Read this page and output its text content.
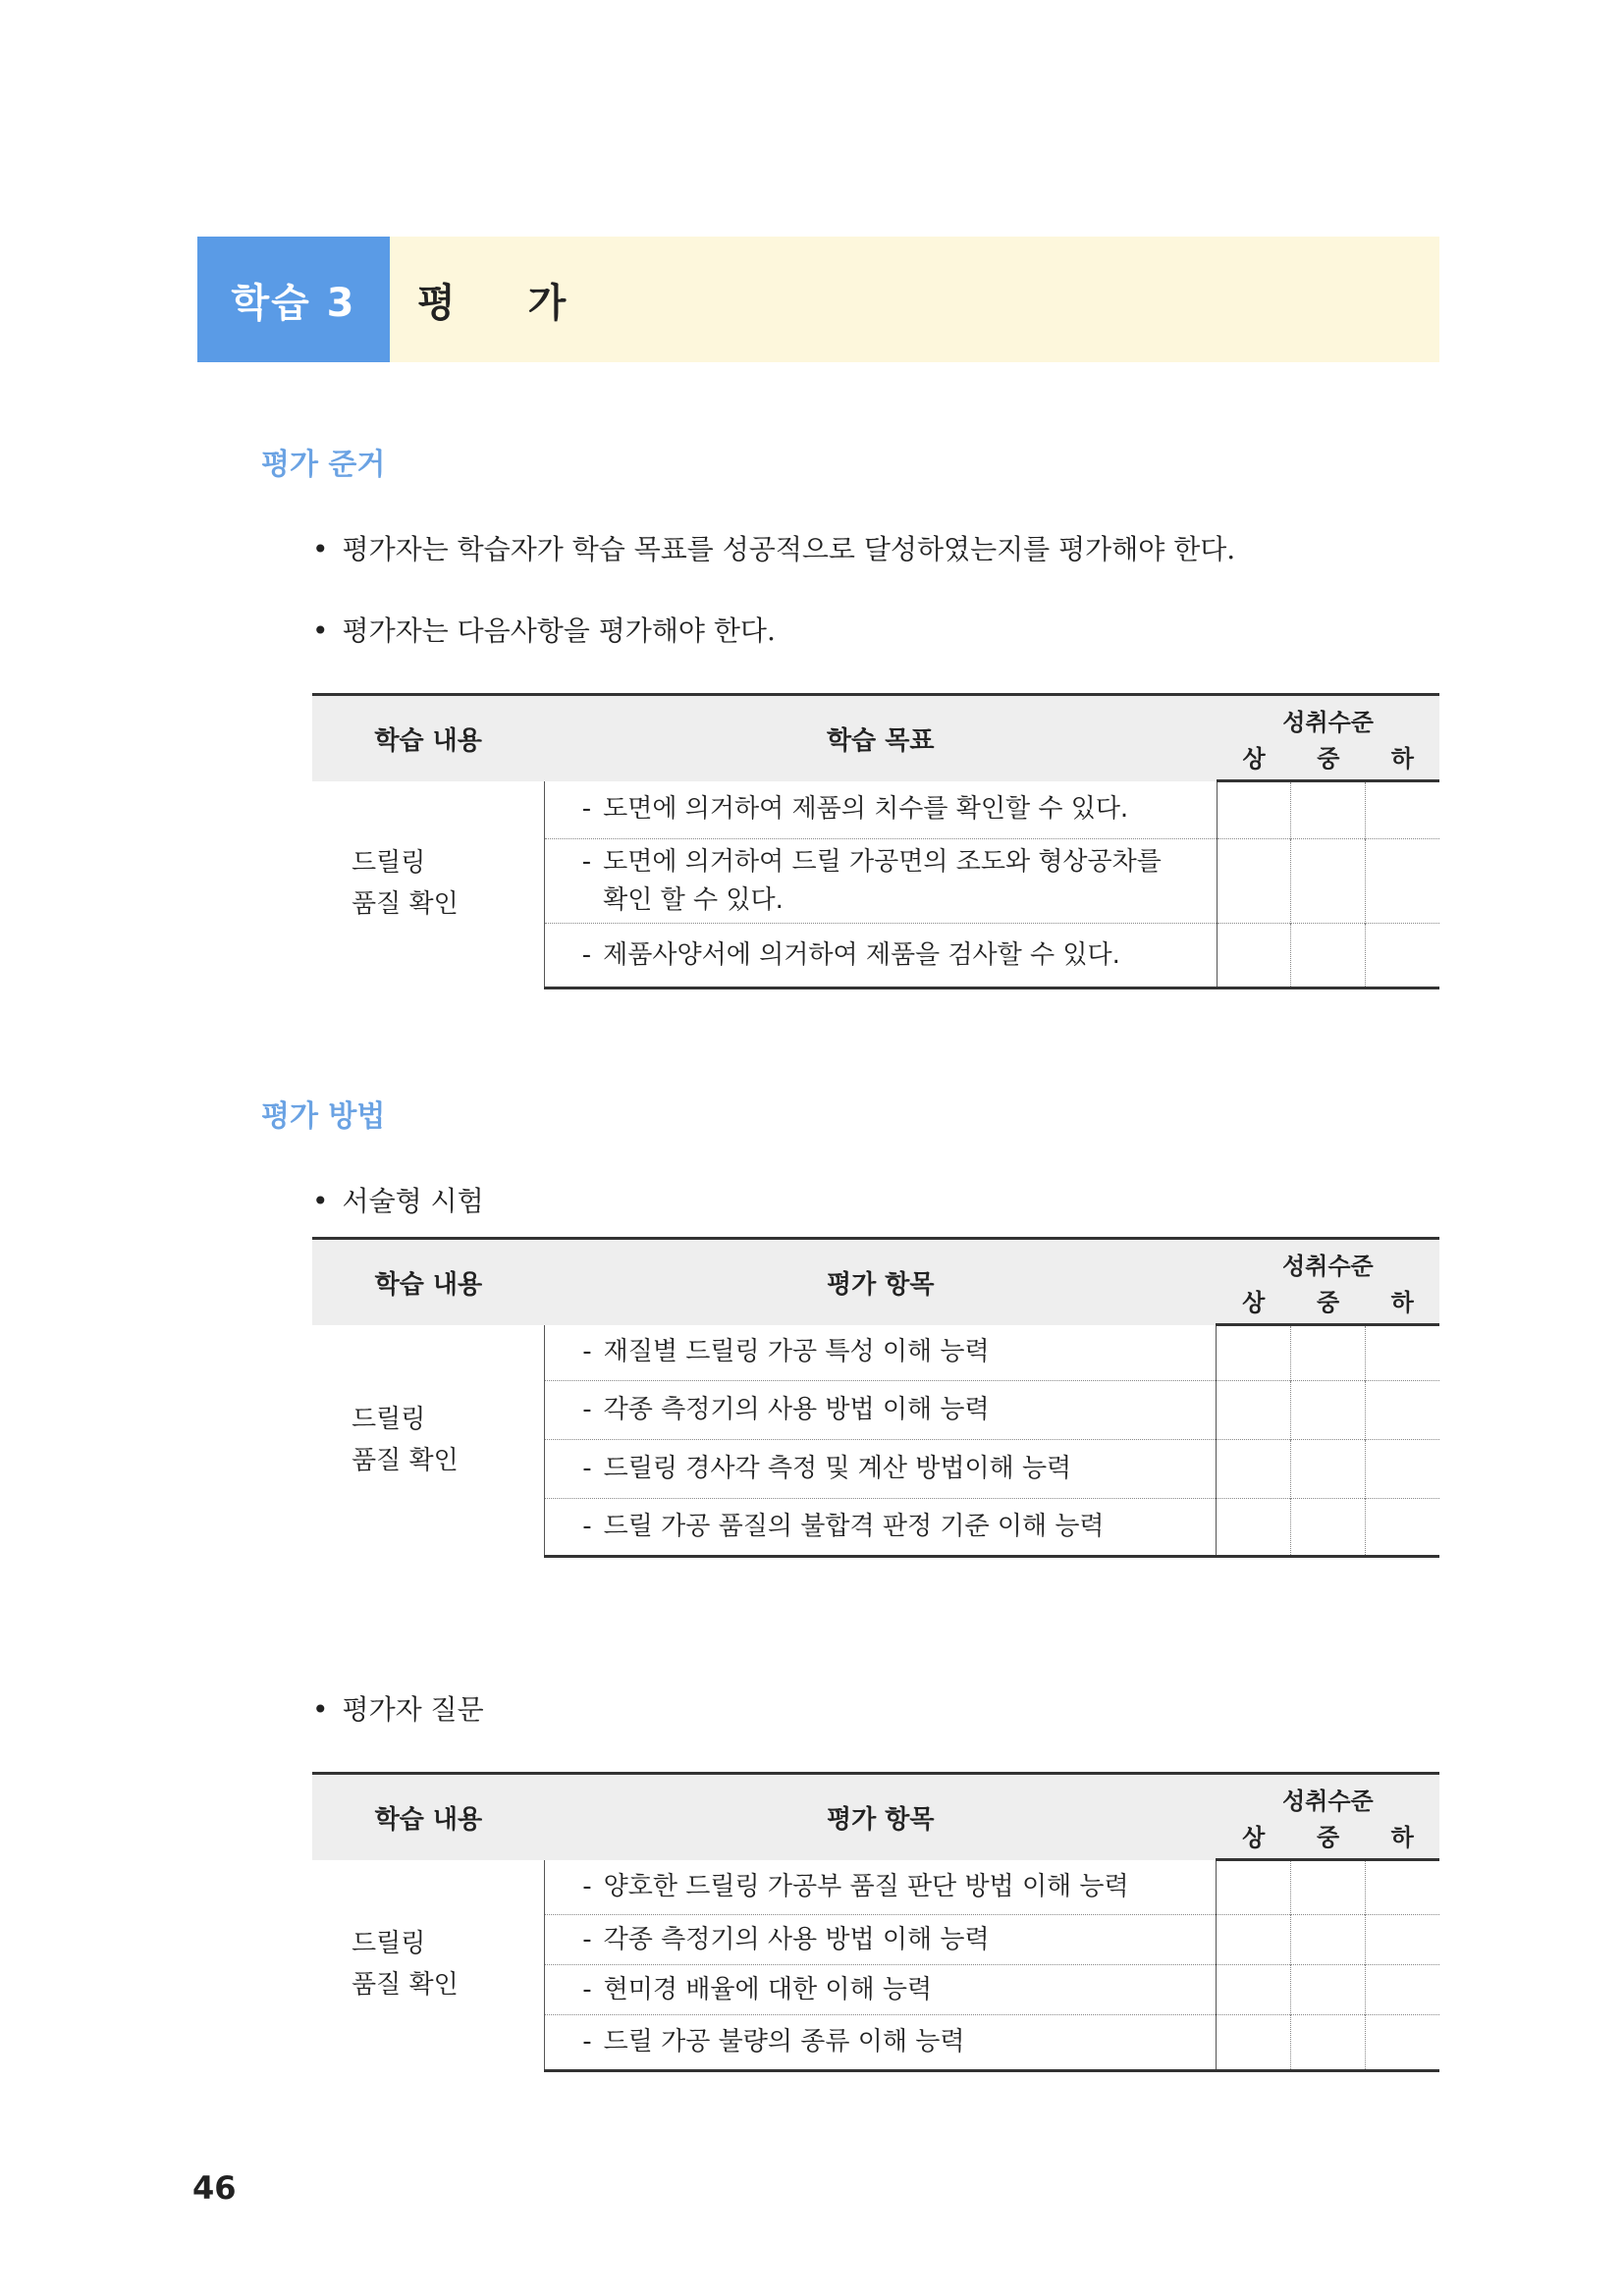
학습 3	평 가
평가 준거
• 평가자는 학습자가 학습 목표를 성공적으로 달성하였는지를 평가해야 한다.
• 평가자는 다음사항을 평가해야 한다.
학습 내용	학습 목표	성취수준		
		상	중	하

드릴링
품질 확인	- 도면에 의거하여 제품의 치수를 확인할 수 있다.			

	- 도면에 의거하여 드릴 가공면의 조도와 형상공차를 확인 할 수 있다.			

	- 제품사양서에 의거하여 제품을 검사할 수 있다.			
평가 방법
• 서술형 시험
학습 내용	평가 항목	성취수준		
		상	중	하

드릴링
품질 확인	- 재질별 드릴링 가공 특성 이해 능력			
	- 각종 측정기의 사용 방법 이해 능력			
	- 드릴링 경사각 측정 및 계산 방법이해 능력			
	- 드릴 가공 품질의 불합격 판정 기준 이해 능력			
• 평가자 질문
학습 내용	평가 항목	성취수준		
		상	중	하

드릴링
품질 확인	- 양호한 드릴링 가공부 품질 판단 방법 이해 능력			
	- 각종 측정기의 사용 방법 이해 능력			
	- 현미경 배율에 대한 이해 능력			
	- 드릴 가공 불량의 종류 이해 능력			
46
